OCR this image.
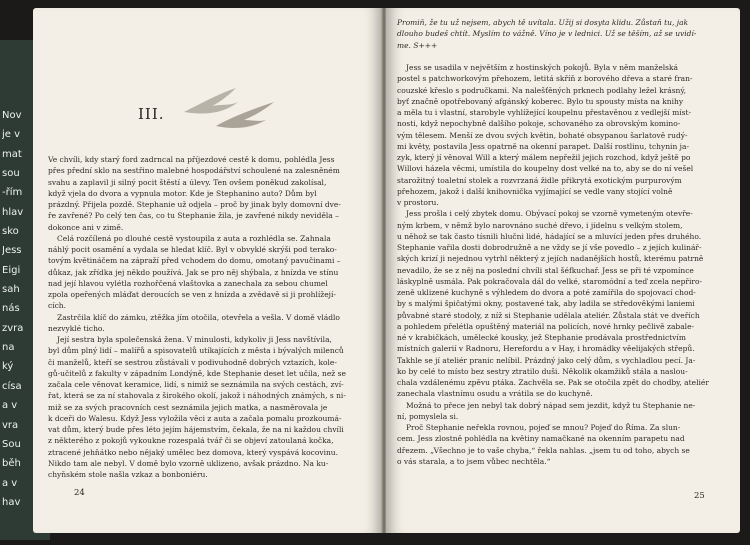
Nov
je v
mat
sou
-řím
hlav
sko
Jess
Eigi
sah
nás
zvra
na
ký
císa
a v
vra
Sou
běh
a v
hav
III.
Ve chvíli, kdy starý ford zadrncal na příjezdové cestě k domu, pohlédla Jess
přes přední sklo na sestřino malebné hospodářství schoulené na zalesněném
svahu a zaplavil ji silný pocit štěstí a úlevy. Ten ovšem poněkud zakolísal,
když vjela do dvora a vypnula motor. Kde je Stephanino auto? Dům byl
prázdný. Přijela pozdě. Stephanie už odjela – proč by jinak byly domovní dve-
ře zavřené? Po celý ten čas, co tu Stephanie žila, je zavřené nikdy neviděla –
dokonce ani v zimě.
Celá rozčílená po dlouhé cestě vystoupila z auta a rozhlédla se. Zahnala
náhlý pocit osamění a vydala se hledat klíč. Byl v obvyklé skrýši pod terako-
tovým květináčem na zápraží před vchodem do domu, omotaný pavučinami –
důkaz, jak zřídka jej někdo používá. Jak se pro něj shýbala, z hnízda ve stínu
nad její hlavou vylétla rozhořčená vlaštovka a zanechala za sebou chumel
zpola opeřených mláďat deroucích se ven z hnízda a zvědavě si ji prohlížejí-
cích.
Zastrčila klíč do zámku, ztěžka jím otočila, otevřela a vešla. V domě vládlo
nezvyklé ticho.
Její sestra byla společenská žena. V minulosti, kdykoliv ji Jess navštívila,
byl dům plný lidí – malířů a spisovatelů utíkajících z města i bývalých milenců
či manželů, kteří se sestrou zůstávali v podivuhodně dobrých vztazích, kole-
gů-učitelů z fakulty v západním Londýně, kde Stephanie deset let učila, než se
začala cele věnovat keramice, lidí, s nimiž se seznámila na svých cestách, zví-
řat, která se za ní stahovala z širokého okolí, jakož i náhodných známých, s ni-
miž se za svých pracovních cest seznámila jejich matka, a nasměrovala je
k dceři do Walesu. Když Jess vyložila věci z auta a začala pomalu prozkoumá-
vat dům, který bude přes léto jejím hájemstvím, čekala, že na ni každou chvíli
z některého z pokojů vykoukne rozespalá tvář či se objeví zatoulaná kočka,
ztracené jehňátko nebo nějaký umělec bez domova, který vyspává kocovinu.
Nikdo tam ale nebyl. V domě bylo vzorně uklizeno, avšak prázdno. Na ku-
chyňském stole našla vzkaz a bonboniéru.
24
Promiň, že tu už nejsem, abych tě uvítala. Užij si dosyta klidu. Zůstaň tu, jak
dlouho budeš chtít. Myslím to vážně. Víno je v lednici. Už se těším, až se uvidí-
me. S+++
Jess se usadila v největším z hostinských pokojů. Byla v něm manželská
postel s patchworkovým přehozem, letitá skříň z borového dřeva a staré fran-
couzské křeslo s područkami. Na nalešťěných prknech podlahy ležel krásný,
byť značně opotřebovaný afgánský koberec. Bylo tu spousty místa na knihy
a měla tu i vlastní, starobyle vyhlížející koupelnu přestavěnou z vedlejší míst-
nosti, když nepochybně dalšího pokoje, schovaného za obrovským komino-
vým tělesem. Menší ze dvou svých květin, bohaté obsypanou šarlatově rudý-
mi květy, postavila Jess opatrně na okenní parapet. Další rostlinu, tchynin ja-
zyk, který jí věnoval Will a který málem nepřežil jejich rozchod, když ještě po
Willovi házela věcmi, umístila do koupelny dost velké na to, aby se do ní vešel
starožitný toaletní stolek a rozvrzaná židle přikrytá exotickým purpurovým
přehozem, jakož i další knihovnička vyjímající se vedle vany stojící volně
v prostoru.
Jess prošla i celý zbytek domu. Obývací pokoj se vzorně vymeteným otevře-
ným krbem, v němž bylo narovnáno suché dřevo, i jídelnu s velkým stolem,
u něhož se tak často tísnili hlučni lidé, hádající se a mluvící jeden přes druhého.
Stephanie vařila dosti dobrodružně a ne vždy se jí vše povedlo – z jejích kulinář-
ských krizí ji nejednou vytrhl některý z jejích nadanějších hostů, kterému patrně
nevadilo, že se z něj na poslední chvíli stal šéfkuchař. Jess se při té vzpomínce
láskyplně usmála. Pak pokračovala dál do velké, staromódní a teď zcela nepřiro-
zeně uklizené kuchyně s výhledem do dvora a poté zamířila do spojovací chod-
by s malými špičatými okny, postavené tak, aby ladila se středověkými laniemi
půvabné staré stodoly, z níž si Stephanie udělala ateliér. Zůstala stát ve dveřích
a pohledem přelétla opuštěný materiál na policích, nové hrnky pečlivě zabale-
né v krabičkách, umělecké kousky, jež Stephanie prodávala prostřednictvím
místních galerií v Radnoru, Herefordu a v Hay, i hromádky věelijakých střepů.
Takhle se jí ateliér pranic nelíbil. Prázdný jako celý dům, s vychladlou pecí. Ja-
ko by celé to místo bez sestry ztratilo duši. Několik okamžiků stála a naslou-
chala vzdálenému zpěvu ptáka. Zachvěla se. Pak se otočila zpět do chodby, ateliér
zanechala vlastnímu osudu a vrátila se do kuchyně.
Možná to přece jen nebyl tak dobrý nápad sem jezdit, když tu Stephanie ne-
ní, pomyslela si.
Proč Stephanie neřekla rovnou, pojeď se mnou? Pojeď do Říma. Za slun-
cem. Jess zlostně pohlédla na květiny namačkané na okenním parapetu nad
dřezem. „Všechno je to vaše chyba,“ řekla nahlas. „jsem tu od toho, abych se
o vás starala, a to jsem vůbec nechtěla.“
25
